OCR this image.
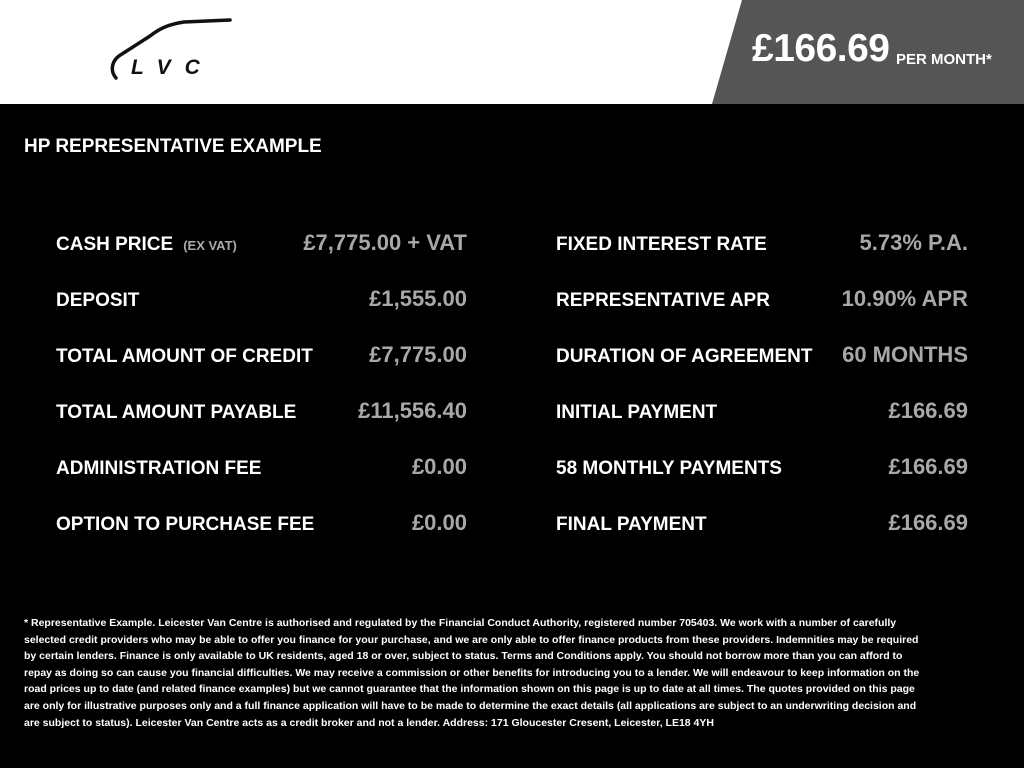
LVC	£166.69 PER MONTH*
HP REPRESENTATIVE EXAMPLE
CASH PRICE (EX VAT)	£7,775.00 + VAT
DEPOSIT	£1,555.00
TOTAL AMOUNT OF CREDIT	£7,775.00
TOTAL AMOUNT PAYABLE	£11,556.40
ADMINISTRATION FEE	£0.00
OPTION TO PURCHASE FEE	£0.00
FIXED INTEREST RATE	5.73% P.A.
REPRESENTATIVE APR	10.90% APR
DURATION OF AGREEMENT 60 MONTHS
INITIAL PAYMENT	£166.69
58 MONTHLY PAYMENTS	£166.69
FINAL PAYMENT	£166.69
* Representative Example. Leicester Van Centre is authorised and regulated by the Financial Conduct Authority, registered number 705403. We work with a number of carefully selected credit providers who may be able to offer you finance for your purchase, and we are only able to offer finance products from these providers. Indemnities may be required by certain lenders. Finance is only available to UK residents, aged 18 or over, subject to status. Terms and Conditions apply. You should not borrow more than you can afford to repay as doing so can cause you financial difficulties. We may receive a commission or other benefits for introducing you to a lender. We will endeavour to keep information on the road prices up to date (and related finance examples) but we cannot guarantee that the information shown on this page is up to date at all times. The quotes provided on this page are only for illustrative purposes only and a full finance application will have to be made to determine the exact details (all applications are subject to an underwriting decision and are subject to status). Leicester Van Centre acts as a credit broker and not a lender. Address: 171 Gloucester Cresent, Leicester, LE18 4YH
